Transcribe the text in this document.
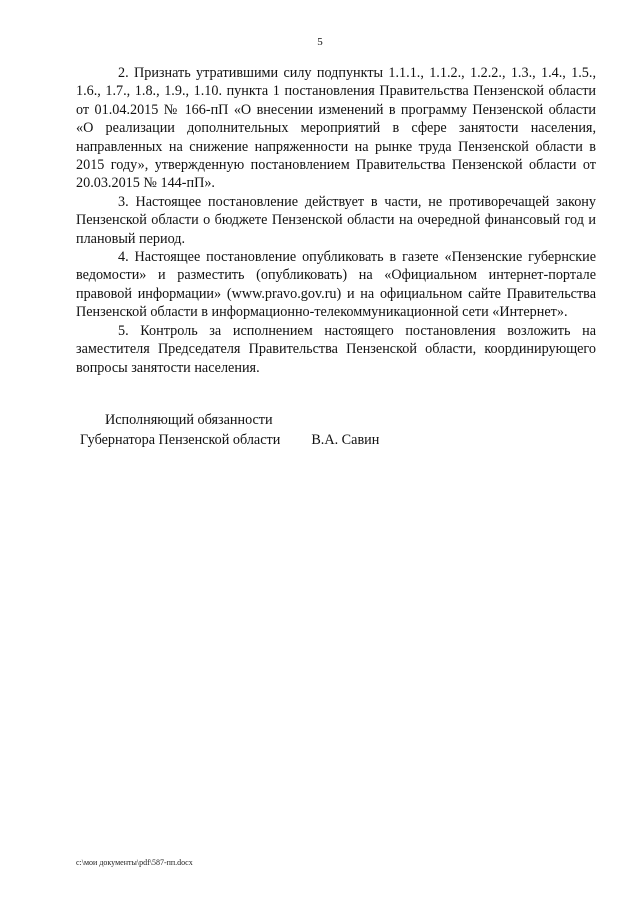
5

2. Признать утратившими силу подпункты 1.1.1., 1.1.2., 1.2.2., 1.3., 1.4., 1.5., 1.6., 1.7., 1.8., 1.9., 1.10. пункта 1 постановления Правительства Пензенской области от 01.04.2015 № 166-пП «О внесении изменений в программу Пензенской области «О реализации дополнительных мероприятий в сфере занятости населения, направленных на снижение напряженности на рынке труда Пензенской области в 2015 году», утвержденную постановлением Правительства Пензенской области от 20.03.2015 № 144-пП».

3. Настоящее постановление действует в части, не противоречащей закону Пензенской области о бюджете Пензенской области на очередной финансовый год и плановый период.

4. Настоящее постановление опубликовать в газете «Пензенские губернские ведомости» и разместить (опубликовать) на «Официальном интернет-портале правовой информации» (www.pravo.gov.ru) и на официальном сайте Правительства Пензенской области в информационно-телекоммуникационной сети «Интернет».

5. Контроль за исполнением настоящего постановления возложить на заместителя Председателя Правительства Пензенской области, координирующего вопросы занятости населения.

Исполняющий обязанности
Губернатора Пензенской области В.А. Савин
c:\мои документы\pdf\587-пп.docx
